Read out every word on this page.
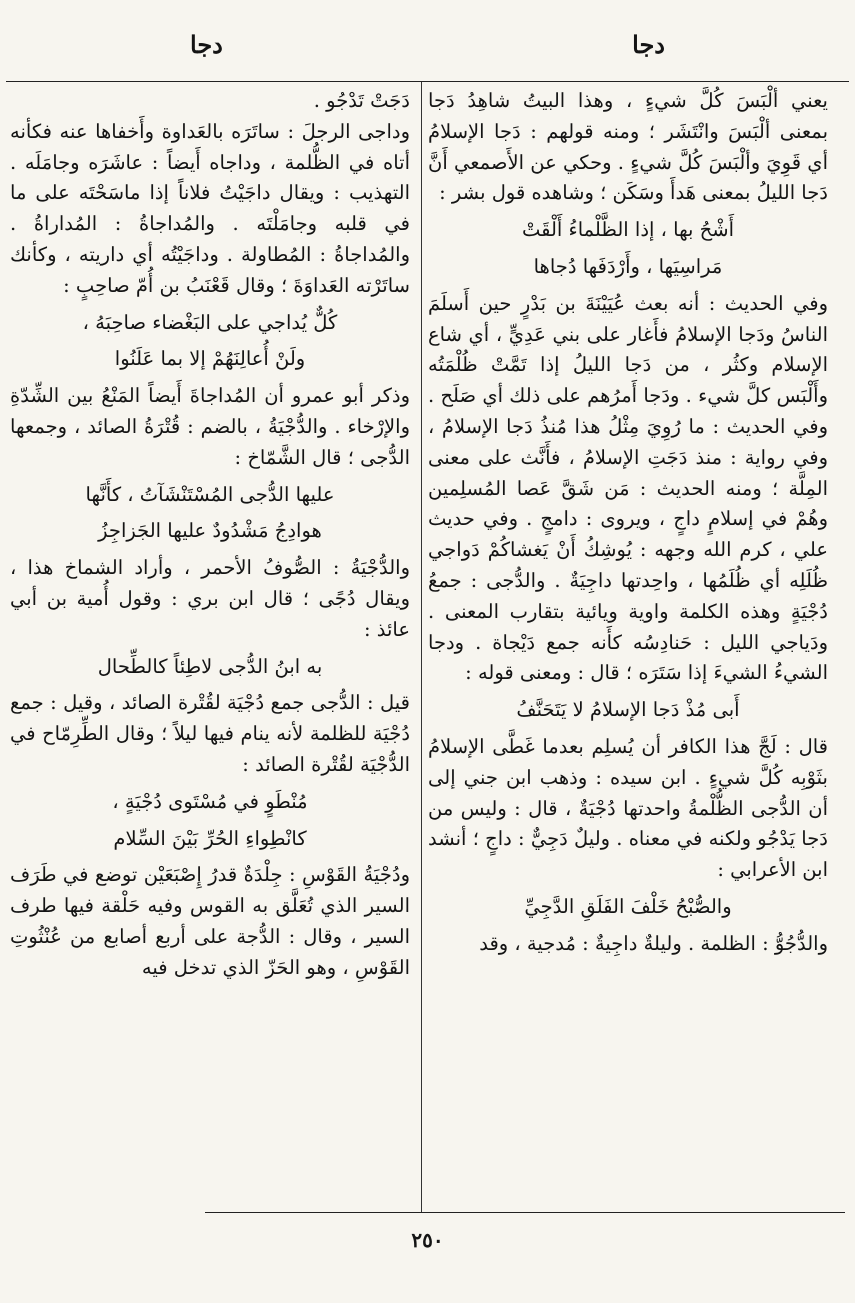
دجا
دجا

يعني ألْبَسَ كُلَّ شيءٍ ، وهذا البيتُ شاهِدُ دَجا بمعنى ألْبَسَ وانْتَشَر ؛ ومنه قولهم : دَجا الإسلامُ أي قَوِيَ وألْبَسَ كُلَّ شيءٍ . وحكي عن الأَصمعي أَنَّ دَجا الليلُ بمعنى هَدأَ وسَكَن ؛ وشاهده قول بشر :

أَشْحُ بها ، إذا الظَّلْماءُ أَلْقَتْ

مَراسِيَها ، وأَرْدَفَها دُجاها

وفي الحديث : أنه بعث عُيَيْنَةَ بن بَدْرٍ حين أَسلَمَ الناسُ ودَجا الإسلامُ فأَغار على بني عَدِيٍّ ، أي شاع الإسلام وكثُر ، من دَجا الليلُ إذا تَمَّتْ ظُلْمَتُه وأَلْبَس كلَّ شيء . ودَجا أَمرُهم على ذلك أي صَلَح . وفي الحديث : ما رُوِيَ مِثْلُ هذا مُنذُ دَجا الإسلامُ ، وفي رواية : منذ دَجَتِ الإسلامُ ، فأَنَّث على معنى المِلَّة ؛ ومنه الحديث : مَن شَقَّ عَصا المُسلِمين وهُمْ في إسلامٍ داجٍ ، ويروى : دامجٍ . وفي حديث علي ، كرم الله وجهه : يُوشِكُ أَنْ يَغشاكُمْ دَواجي ظُلَلِه أي ظُلَمُها ، واحِدتها داجِيَةٌ . والدُّجى : جمعُ دُجْيَةٍ وهذه الكلمة واوية ويائية بتقارب المعنى . ودَياجي الليل : حَنادِسُه كأَنه جمع دَيْجاة . ودجا الشيءُ الشيءَ إذا سَتَرَه ؛ قال : ومعنى قوله :

أَبى مُذْ دَجا الإسلامُ لا يَتَحَنَّفُ

قال : لَجَّ هذا الكافر أن يُسلِم بعدما غَطَّى الإسلامُ بثَوْبِه كُلَّ شيءٍ . ابن سيده : وذهب ابن جني إلى أن الدُّجى الظُّلْمةُ واحدتها دُجْيَةٌ ، قال : وليس من دَجا يَدْجُو ولكنه في معناه . وليلٌ دَجِيٌّ : داجٍ ؛ أنشد ابن الأعرابي :

والصُّبْحُ خَلْفَ الفَلَقِ الدَّجِيِّ

والدُّجُوُّ : الظلمة . وليلةٌ داجِيةٌ : مُدجية ، وقد

دَجَتْ تَدْجُو .

وداجى الرجلَ : ساتَرَه بالعَداوة وأَخفاها عنه فكأنه أتاه في الظُّلمة ، وداجاه أَيضاً : عاشَرَه وجامَلَه . التهذيب : ويقال داجَيْتُ فلاناً إذا ماسَحْتَه على ما في قلبه وجامَلْتَه . والمُداجاةُ : المُداراةُ . والمُداجاةُ : المُطاولة . وداجَيْتُه أي داريته ، وكأنك ساتَرْته العَداوَةَ ؛ وقال قَعْنَبُ بن أُمّ صاحِبٍ :

كُلٌّ يُداجي على البَغْضاء صاحِبَهُ ،

ولَنْ أُعالِنَهُمْ إلا بما عَلَنُوا

وذكر أبو عمرو أن المُداجاةَ أَيضاً المَنْعُ بين الشِّدّةِ والإرْخاء . والدُّجْيَةُ ، بالضم : قُتْرَةُ الصائد ، وجمعها الدُّجى ؛ قال الشَّمّاخ :

عليها الدُّجى المُسْتَنْشَآتُ ، كأَنَّها

هوادِجُ مَشْدُودٌ عليها الجَزاجِزُ

والدُّجْيَةُ : الصُّوفُ الأحمر ، وأراد الشماخ هذا ، ويقال دُجًى ؛ قال ابن بري : وقول أُمية بن أبي عائذ :

به ابنُ الدُّجى لاطِئاً كالطِّحال

قيل : الدُّجى جمع دُجْيَة لقُتْرة الصائد ، وقيل : جمع دُجْيَة للظلمة لأنه ينام فيها ليلاً ؛ وقال الطِّرِمّاح في الدُّجْيَة لقُتْرة الصائد :

مُنْطَوٍ في مُسْتَوى دُجْيَةٍ ،

كانْطِواءِ الحُرِّ بَيْنَ السِّلام

ودُجْيَةُ القَوْسِ : جِلْدَةٌ قدرُ إِصْبَعَيْن توضع في طَرَف السير الذي تُعَلَّق به القوس وفيه حَلْقة فيها طرف السير ، وقال : الدُّجة على أربع أصابع من عُنْثُوتِ القَوْسِ ، وهو الحَزّ الذي تدخل فيه

٢٥٠
